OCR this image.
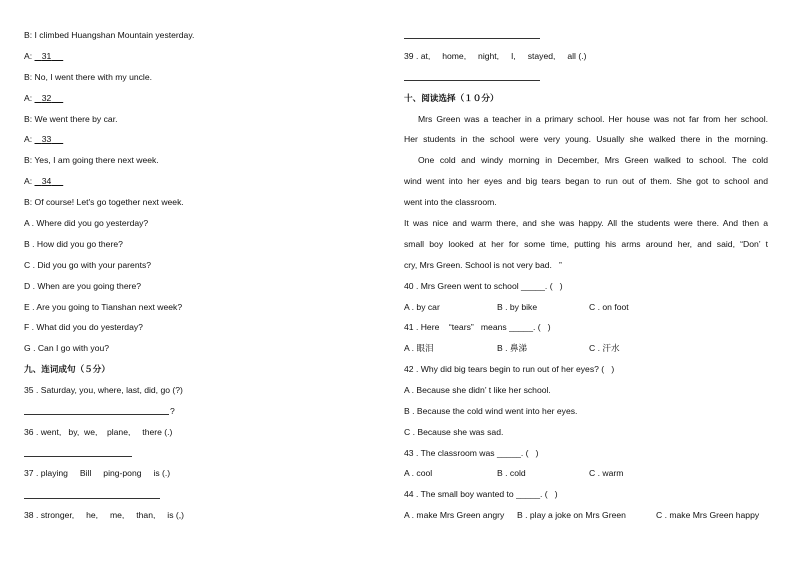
B: I climbed Huangshan Mountain yesterday.
A: 31
B: No, I went there with my uncle.
A: 32
B: We went there by car.
A: 33
B: Yes, I am going there next week.
A: 34
B: Of course! Let's go together next week.
A . Where did you go yesterday?
B . How did you go there?
C . Did you go with your parents?
D . When are you going there?
E . Are you going to Tianshan next week?
F . What did you do yesterday?
G . Can I go with you?
九、连词成句（５分）
35 . Saturday, you, where, last, did, go (?)
?
36 . went,   by,  we,    plane,     there (.)
37 . playing     Bill     ping-pong     is (.)
38 . stronger,     he,     me,     than,     is (,)
39 . at,     home,     night,     I,     stayed,     all (.)
十、阅读选择（１０分）
Mrs Green was a teacher in a primary school. Her house was not far from her school.
Her students in the school were very young. Usually she walked there in the morning.
One cold and windy morning in December, Mrs Green walked to school. The cold
wind went into her eyes and big tears began to run out of them. She got to school and
went into the classroom.
It was nice and warm there, and she was happy. All the students were there. And then a
small boy looked at her for some time, putting his arms around her, and said, “Don’ t
cry, Mrs Green. School is not very bad.   ”
40 . Mrs Green went to school _____. (   )
A . by car	B . by bike	C . on foot
41 . Here    “tears”   means _____. (   )
A . 眼泪	B . 鼻涕	C . 汗水
42 . Why did big tears begin to run out of her eyes? (   )
A . Because she didn’ t like her school.
B . Because the cold wind went into her eyes.
C . Because she was sad.
43 . The classroom was _____. (   )
A . cool	B . cold	C . warm
44 . The small boy wanted to _____. (   )
A . make Mrs Green angry B . play a joke on Mrs Green	C . make Mrs Green happy
